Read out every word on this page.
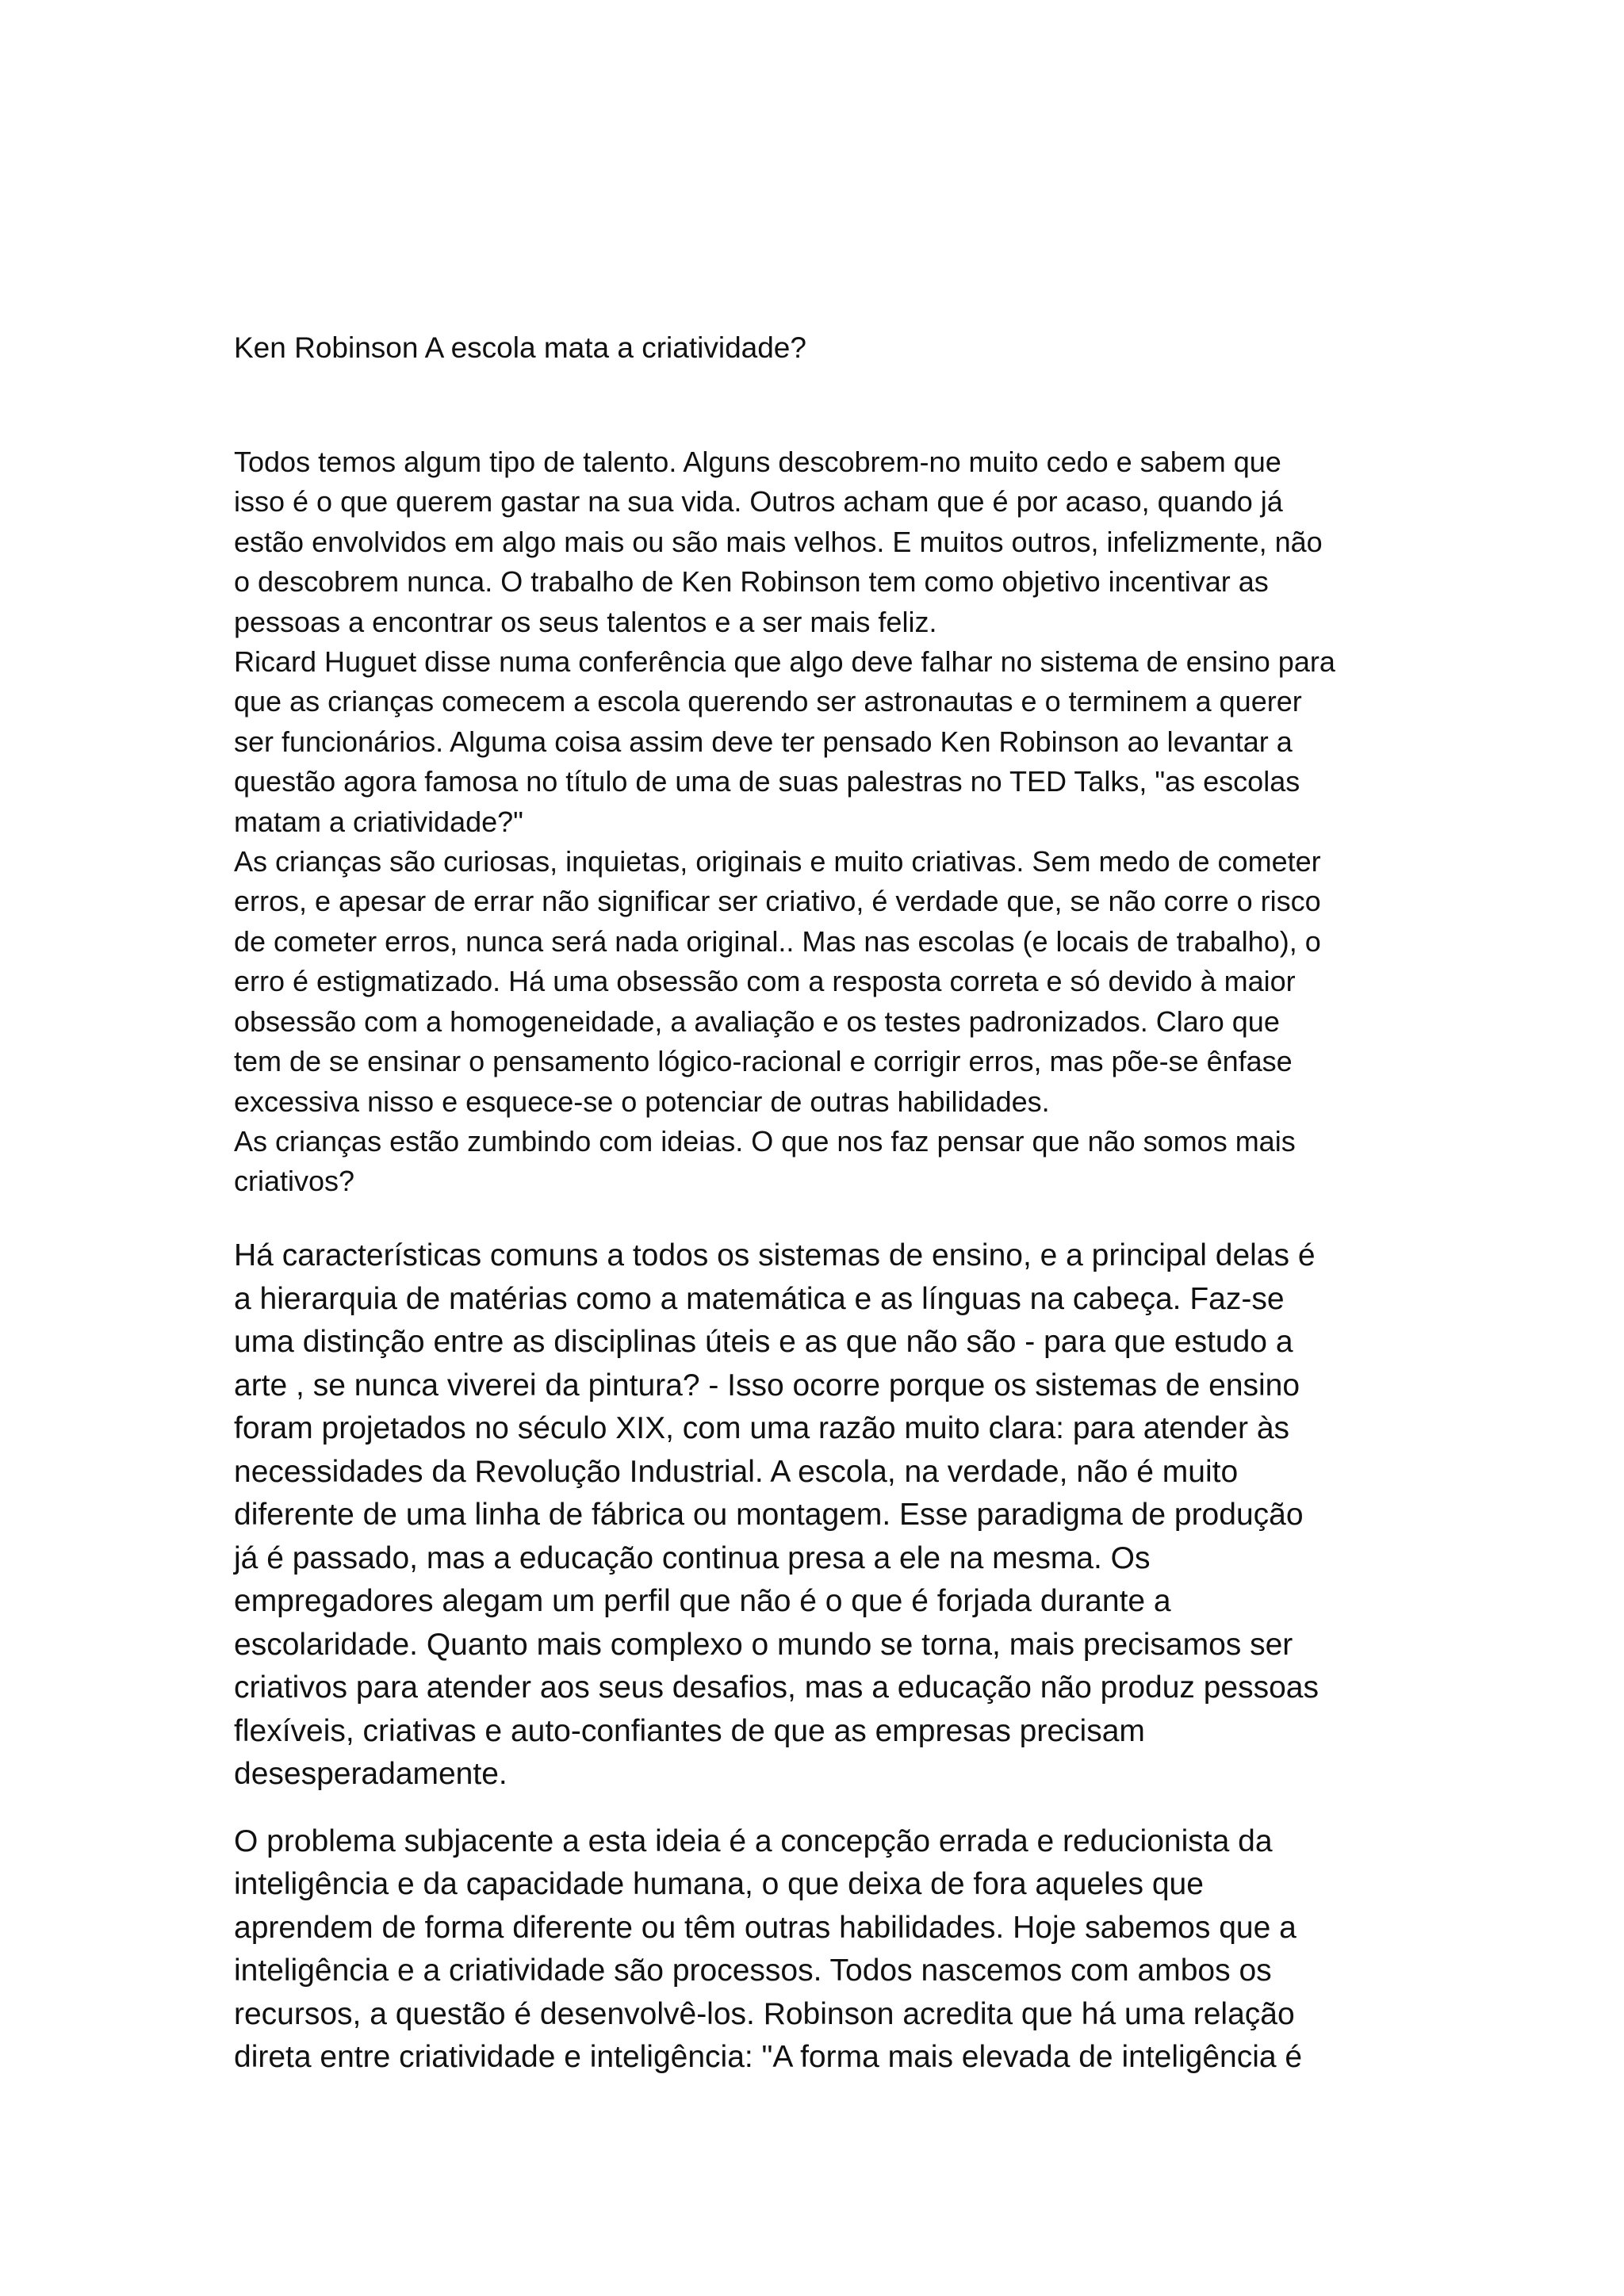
Ken Robinson A escola mata a criatividade?
Todos temos algum tipo de talento. Alguns descobrem-no muito cedo e sabem que
isso é o que querem gastar na sua vida. Outros acham que é por acaso, quando já
estão envolvidos em algo mais ou são mais velhos. E muitos outros, infelizmente, não
o descobrem nunca. O trabalho de Ken Robinson tem como objetivo incentivar as
pessoas a encontrar os seus talentos e a ser mais feliz.
Ricard Huguet disse numa conferência que algo deve falhar no sistema de ensino para
que as crianças comecem a escola querendo ser astronautas e o terminem a querer
ser funcionários. Alguma coisa assim deve ter pensado Ken Robinson ao levantar a
questão agora famosa no título de uma de suas palestras no TED Talks, "as escolas
matam a criatividade?"
As crianças são curiosas, inquietas, originais e muito criativas. Sem medo de cometer
erros, e apesar de errar não significar ser criativo, é verdade que, se não corre o risco
de cometer erros, nunca será nada original.. Mas nas escolas (e locais de trabalho), o
erro é estigmatizado. Há uma obsessão com a resposta correta e só devido à maior
obsessão com a homogeneidade, a avaliação e os testes padronizados. Claro que
tem de se ensinar o pensamento lógico-racional e corrigir erros, mas põe-se ênfase
excessiva nisso e esquece-se o potenciar de outras habilidades.
As crianças estão zumbindo com ideias. O que nos faz pensar que não somos mais
criativos?
Há características comuns a todos os sistemas de ensino, e a principal delas é
a hierarquia de matérias como a matemática e as línguas na cabeça. Faz-se
uma distinção entre as disciplinas úteis e as que não são - para que estudo a
arte , se nunca viverei da pintura? - Isso ocorre porque os sistemas de ensino
foram projetados no século XIX, com uma razão muito clara: para atender às
necessidades da Revolução Industrial. A escola, na verdade, não é muito
diferente de uma linha de fábrica ou montagem. Esse paradigma de produção
já é passado, mas a educação continua presa a ele na mesma. Os
empregadores alegam um perfil que não é o que é forjada durante a
escolaridade. Quanto mais complexo o mundo se torna, mais precisamos ser
criativos para atender aos seus desafios, mas a educação não produz pessoas
flexíveis, criativas e auto-confiantes de que as empresas precisam
desesperadamente.
O problema subjacente a esta ideia é a concepção errada e reducionista da
inteligência e da capacidade humana, o que deixa de fora aqueles que
aprendem de forma diferente ou têm outras habilidades. Hoje sabemos que a
inteligência e a criatividade são processos. Todos nascemos com ambos os
recursos, a questão é desenvolvê-los. Robinson acredita que há uma relação
direta entre criatividade e inteligência: "A forma mais elevada de inteligência é
